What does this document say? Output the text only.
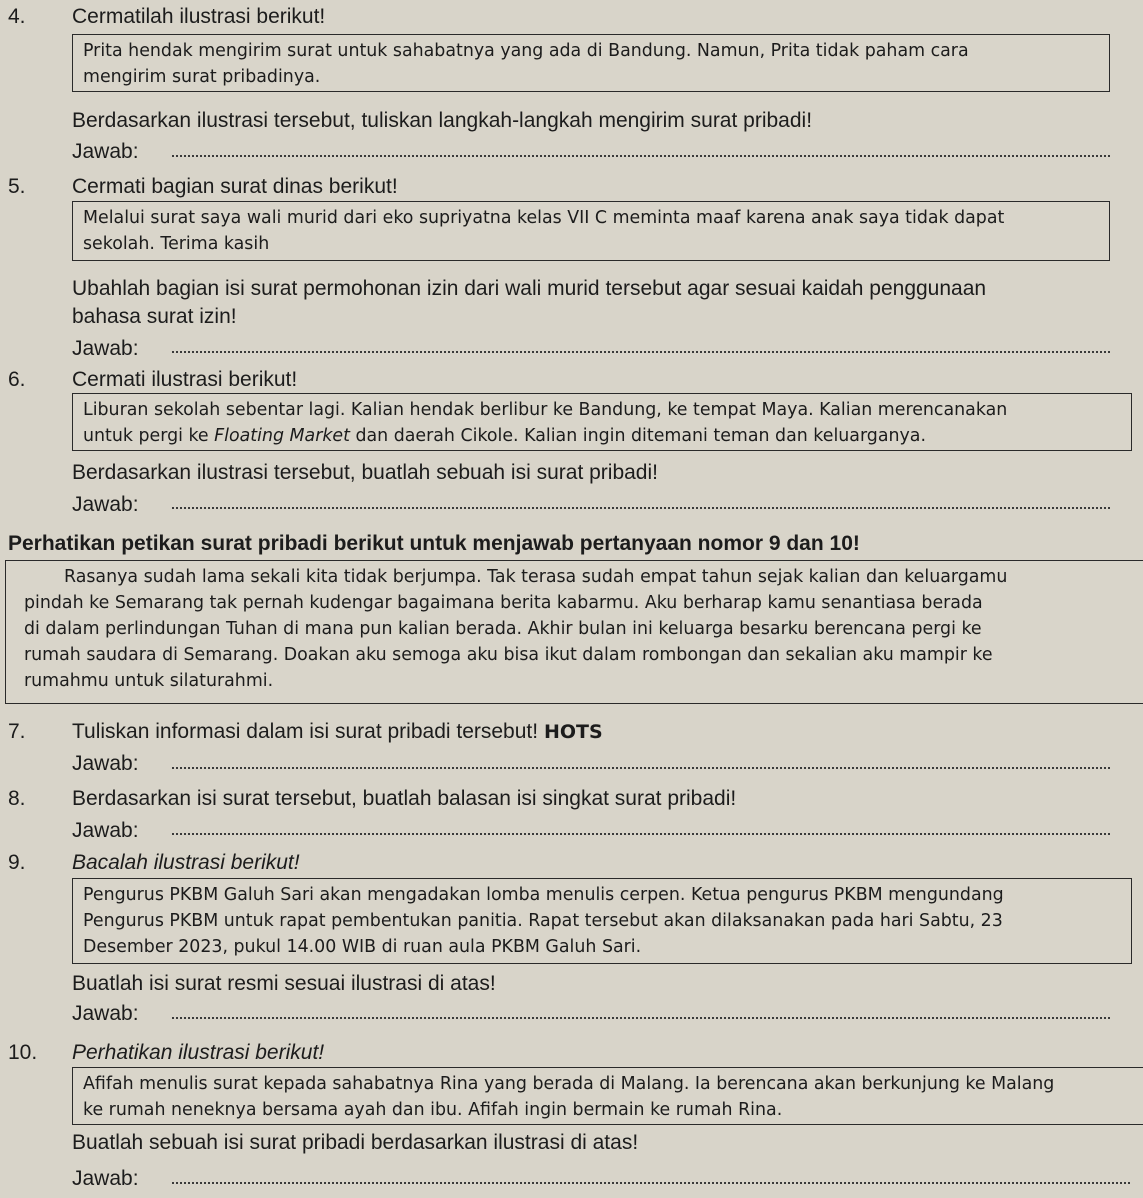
4. Cermatilah ilustrasi berikut!

Prita hendak mengirim surat untuk sahabatnya yang ada di Bandung. Namun, Prita tidak paham cara

mengirim surat pribadinya.

Berdasarkan ilustrasi tersebut, tuliskan langkah-langkah mengirim surat pribadi!
Jawab:
5. Cermati bagian surat dinas berikut!

Melalui surat saya wali murid dari eko supriyatna kelas VII C meminta maaf karena anak saya tidak dapat

sekolah. Terima kasih

Ubahlah bagian isi surat permohonan izin dari wali murid tersebut agar sesuai kaidah penggunaan
bahasa surat izin!
Jawab:
6. Cermati ilustrasi berikut!

Liburan sekolah sebentar lagi. Kalian hendak berlibur ke Bandung, ke tempat Maya. Kalian merencanakan

untuk pergi ke Floating Market dan daerah Cikole. Kalian ingin ditemani teman dan keluarganya.

Berdasarkan ilustrasi tersebut, buatlah sebuah isi surat pribadi!
Jawab:
Perhatikan petikan surat pribadi berikut untuk menjawab pertanyaan nomor 9 dan 10!

Rasanya sudah lama sekali kita tidak berjumpa. Tak terasa sudah empat tahun sejak kalian dan keluargamu

pindah ke Semarang tak pernah kudengar bagaimana berita kabarmu. Aku berharap kamu senantiasa berada

di dalam perlindungan Tuhan di mana pun kalian berada. Akhir bulan ini keluarga besarku berencana pergi ke

rumah saudara di Semarang. Doakan aku semoga aku bisa ikut dalam rombongan dan sekalian aku mampir ke

rumahmu untuk silaturahmi.

7. Tuliskan informasi dalam isi surat pribadi tersebut! HOTS
Jawab:
8. Berdasarkan isi surat tersebut, buatlah balasan isi singkat surat pribadi!
Jawab:
9. Bacalah ilustrasi berikut!

Pengurus PKBM Galuh Sari akan mengadakan lomba menulis cerpen. Ketua pengurus PKBM mengundang

Pengurus PKBM untuk rapat pembentukan panitia. Rapat tersebut akan dilaksanakan pada hari Sabtu, 23

Desember 2023, pukul 14.00 WIB di ruan aula PKBM Galuh Sari.

Buatlah isi surat resmi sesuai ilustrasi di atas!
Jawab:
10. Perhatikan ilustrasi berikut!

Afifah menulis surat kepada sahabatnya Rina yang berada di Malang. Ia berencana akan berkunjung ke Malang

ke rumah neneknya bersama ayah dan ibu. Afifah ingin bermain ke rumah Rina.

Buatlah sebuah isi surat pribadi berdasarkan ilustrasi di atas!
Jawab:
